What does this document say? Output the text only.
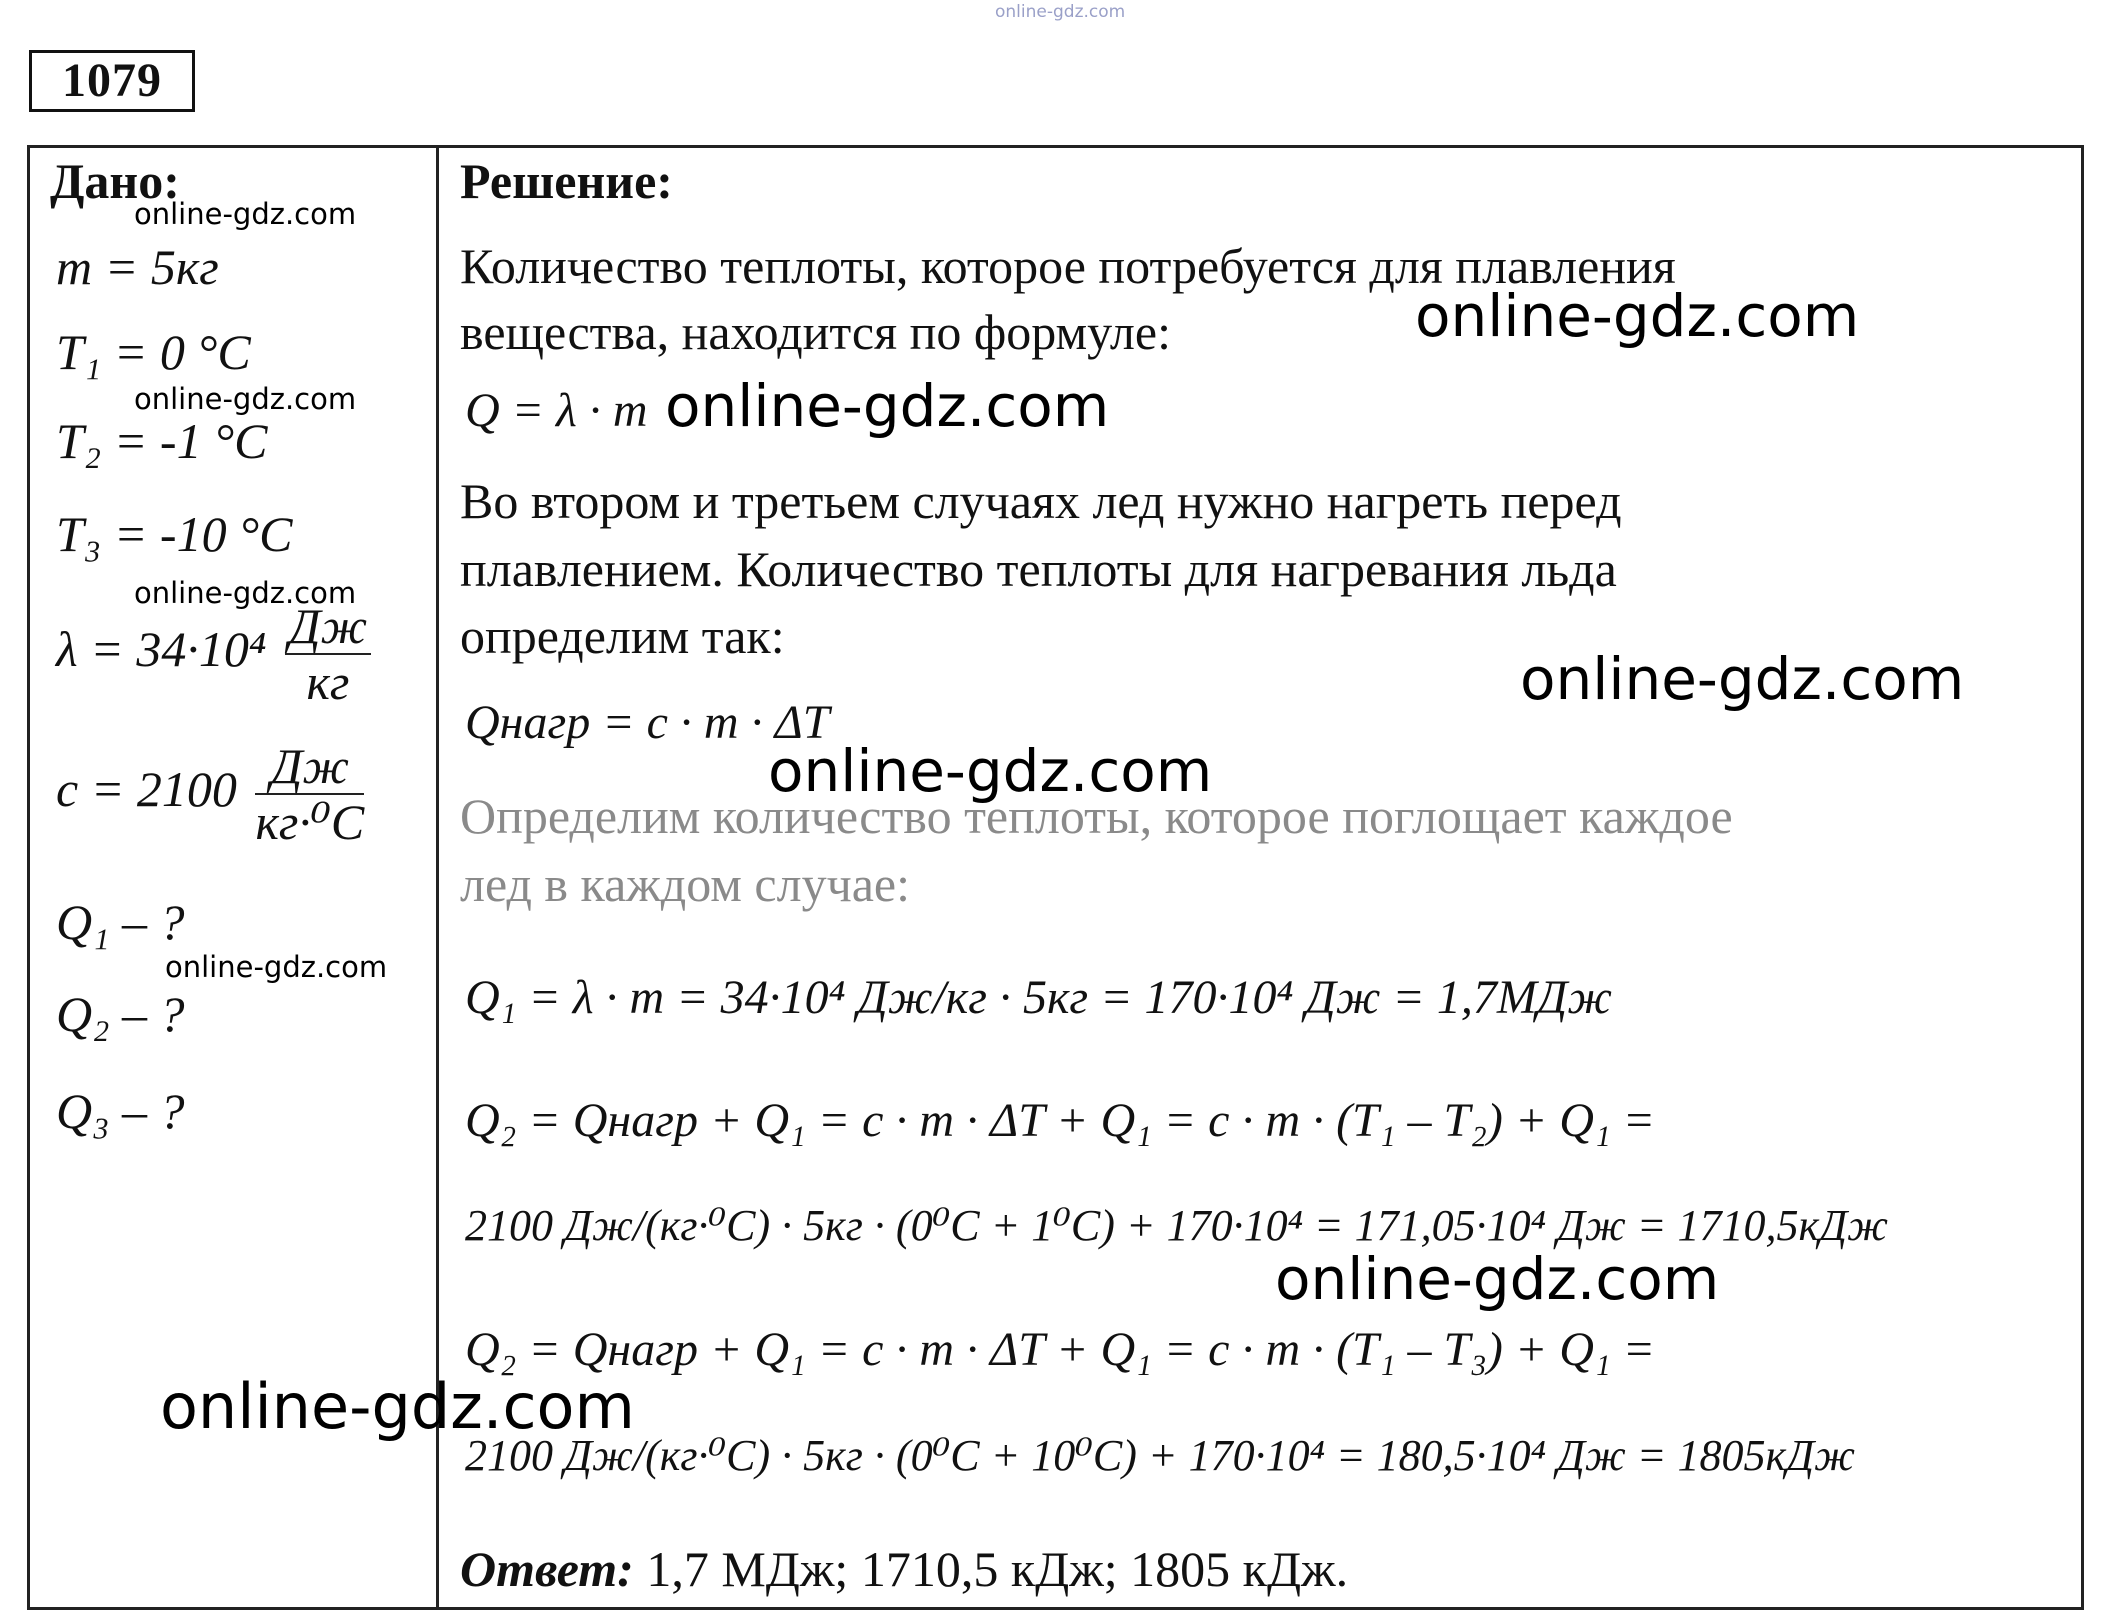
online-gdz.com
1079
Дано:
m = 5кг
T₁ = 0 °C
T₂ = -1 °C
T₃ = -10 °C
$\lambda = 34\cdot 10^4 \frac{Дж}{кг}$
$c = 2100 \frac{Дж}{\text{кг·⁰C}}$
Q₁ – ?
Q₂ – ?
Q₃ – ?
Решение:
Количество теплоты, которое потребуется для плавления
вещества, находится по формуле:
Q = λ · m
Во втором и третьем случаях лед нужно нагреть перед
плавлением. Количество теплоты для нагревания льда
определим так:
Qнагр = c · m · ΔT
Определим количество теплоты, которое поглощает каждое
лед в каждом случае:
Q₁ = λ · m = 34·10⁴ Дж/кг · 5кг = 170·10⁴ Дж = 1,7МДж
Q₂ = Qнагр + Q₁ = c · m · ΔT + Q₁ = c · m · (T₁ – T₂) + Q₁ =
2100 Дж/(кг·⁰C) · 5кг · (0⁰C + 1⁰C) + 170·10⁴ = 171,05·10⁴ Дж = 1710,5кДж
Q₂ = Qнагр + Q₁ = c · m · ΔT + Q₁ = c · m · (T₁ – T₃) + Q₁ =
2100 Дж/(кг·⁰C) · 5кг · (0⁰C + 10⁰C) + 170·10⁴ = 180,5·10⁴ Дж = 1805кДж
Ответ: 1,7 МДж; 1710,5 кДж; 1805 кДж.
online-gdz.com
online-gdz.com
online-gdz.com
online-gdz.com
online-gdz.com
online-gdz.com
online-gdz.com
online-gdz.com
online-gdz.com
online-gdz.com
